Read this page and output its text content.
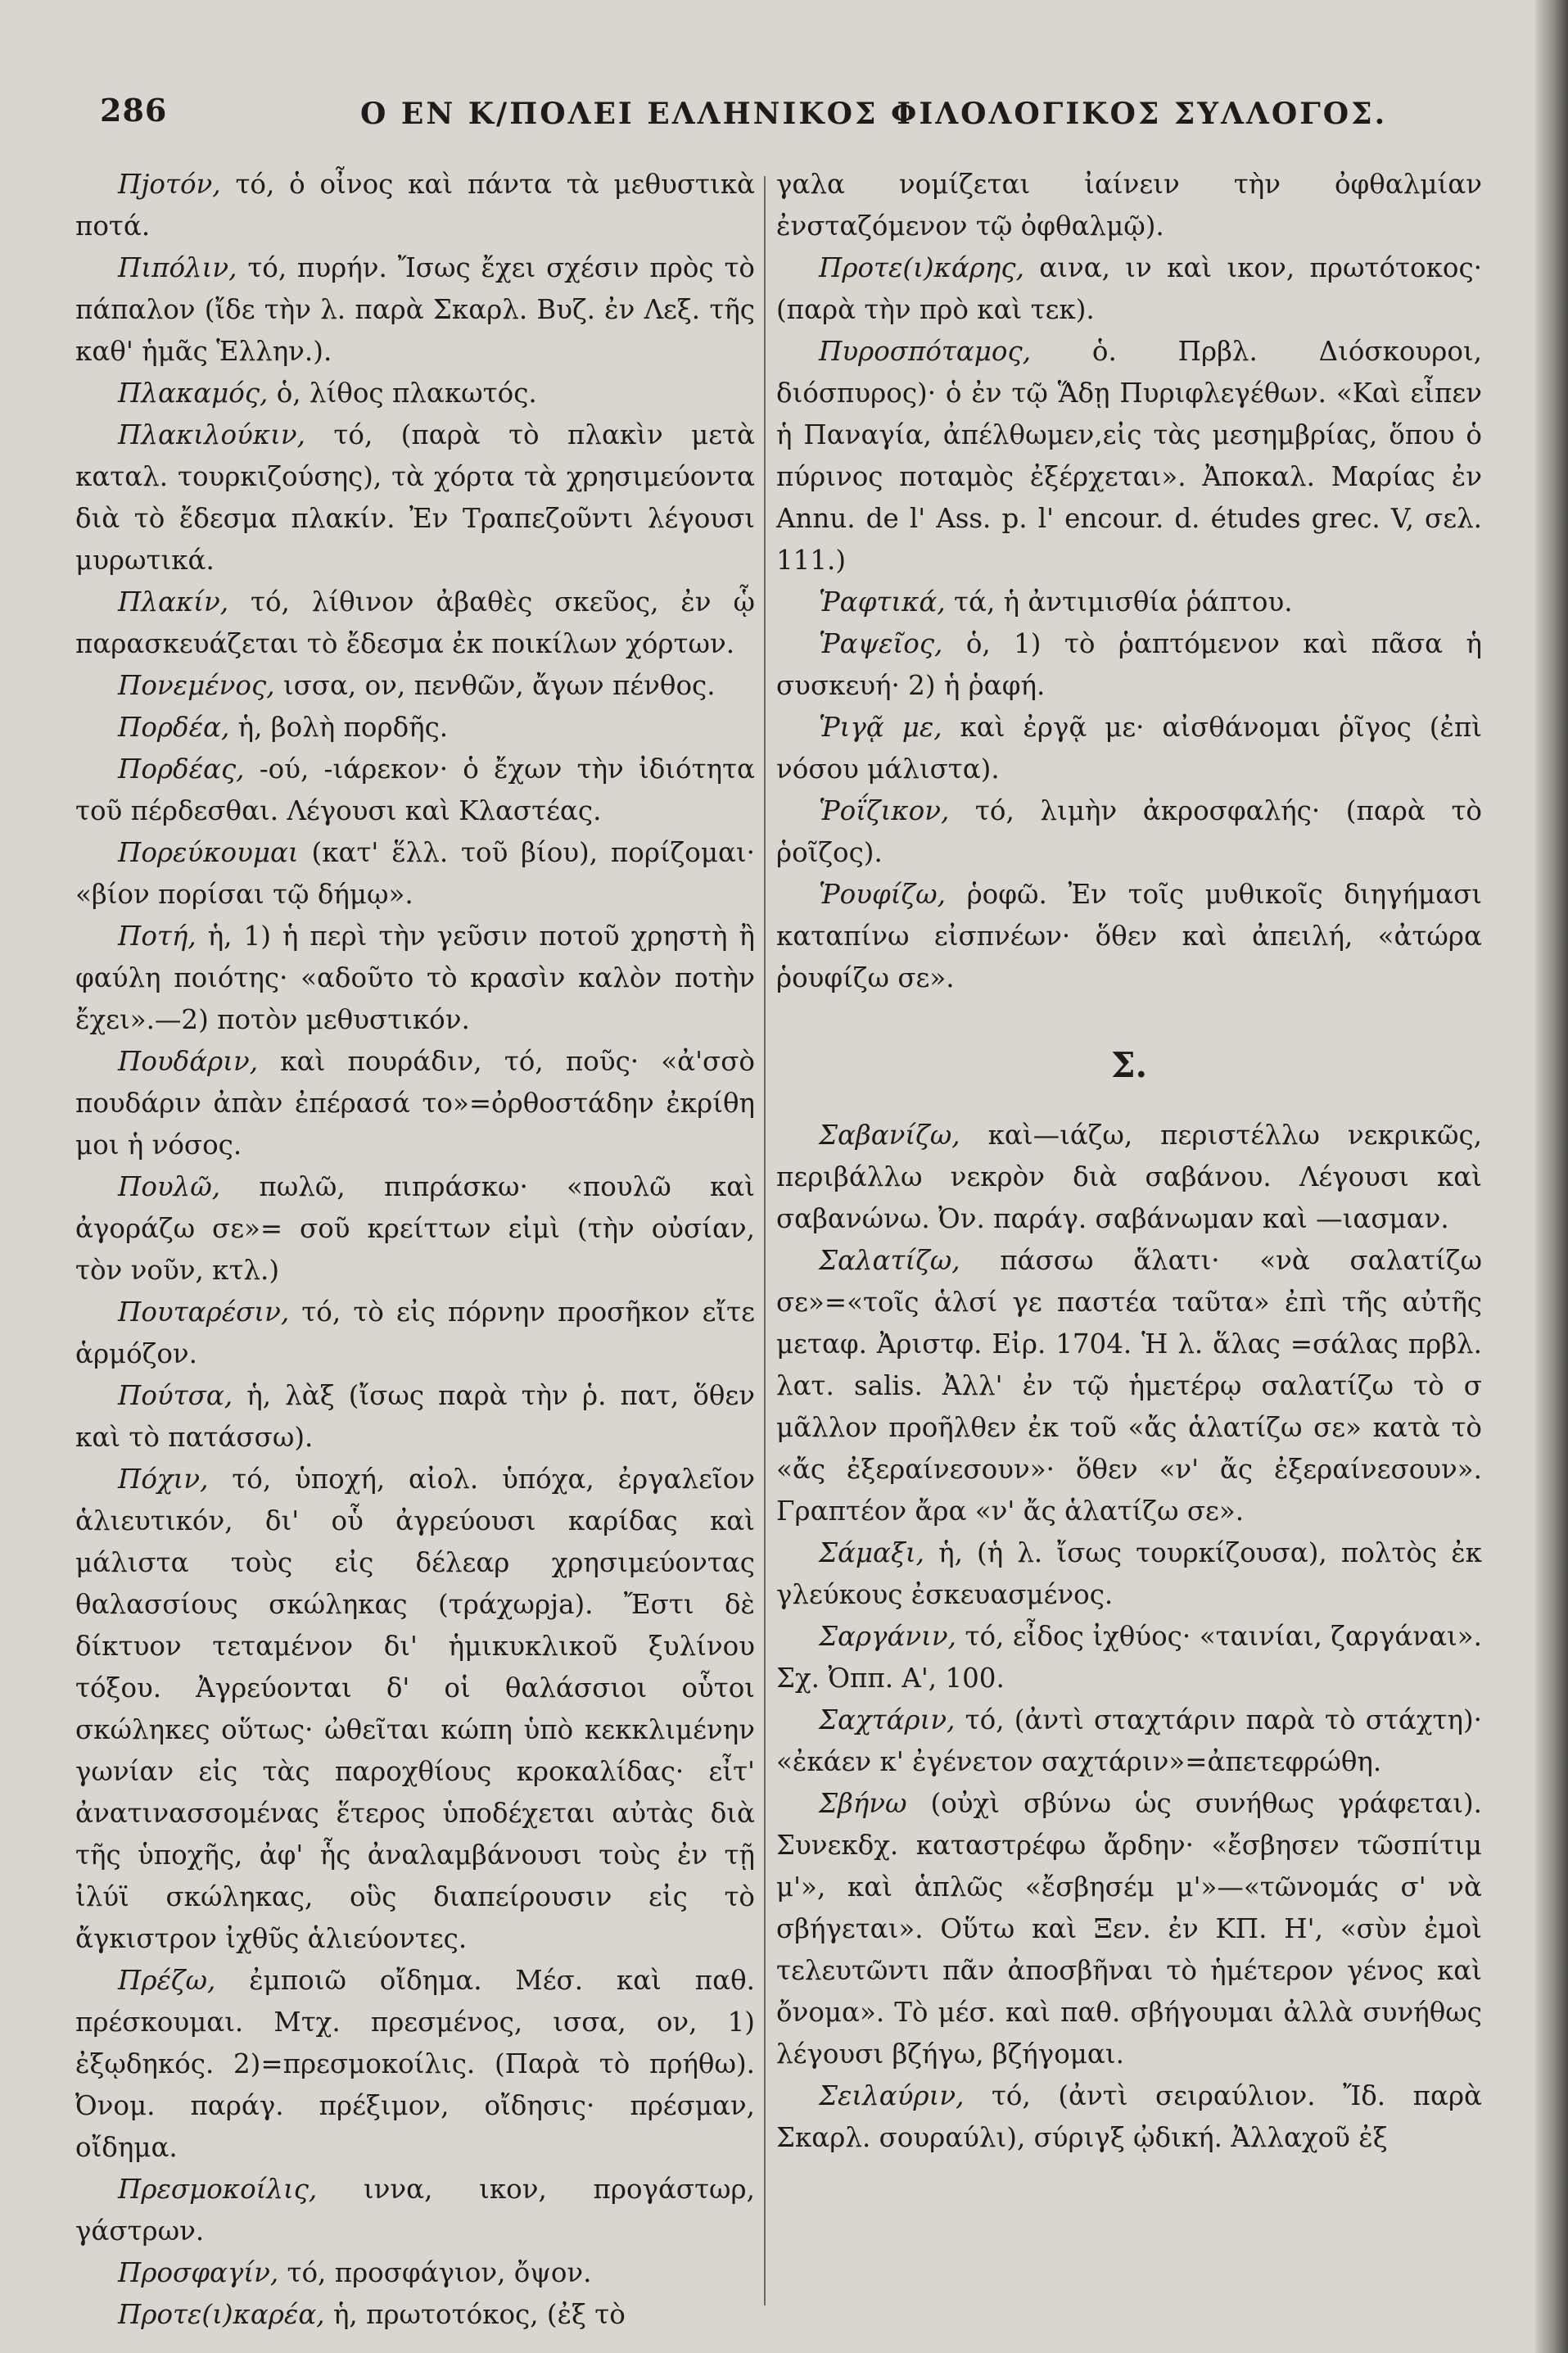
286	Ο ΕΝ Κ/ΠΟΛΕΙ ΕΛΛΗΝΙΚΟΣ ΦΙΛΟΛΟΓΙΚΟΣ ΣΥΛΛΟΓΟΣ.

Πjοτόν, τό, ὁ οἶνος καὶ πάντα τὰ μεθυστικὰ ποτά.

Πιπόλιν, τό, πυρήν. Ἴσως ἔχει σχέσιν πρὸς τὸ πάπαλον (ἴδε τὴν λ. παρὰ Σκαρλ. Βυζ. ἐν Λεξ. τῆς καθ' ἡμᾶς Ἑλλην.).

Πλακαμός, ὁ, λίθος πλακωτός.

Πλακιλούκιν, τό, (παρὰ τὸ πλακὶν μετὰ καταλ. τουρκιζούσης), τὰ χόρτα τὰ χρησιμεύοντα διὰ τὸ ἔδεσμα πλακίν. Ἐν Τραπεζοῦντι λέγουσι μυρωτικά.

Πλακίν, τό, λίθινον ἀβαθὲς σκεῦος, ἐν ᾧ παρασκευάζεται τὸ ἔδεσμα ἐκ ποικίλων χόρτων.

Πονεμένος, ισσα, ον, πενθῶν, ἄγων πένθος.

Πορδέα, ἡ, βολὴ πορδῆς.

Πορδέας, -ού, -ιάρεκον· ὁ ἔχων τὴν ἰδιότητα τοῦ πέρδεσθαι. Λέγουσι καὶ Κλαστέας.

Πορεύκουμαι (κατ' ἕλλ. τοῦ βίου), πορίζομαι· «βίον πορίσαι τῷ δήμῳ».

Ποτή, ἡ, 1) ἡ περὶ τὴν γεῦσιν ποτοῦ χρηστὴ ἢ φαύλη ποιότης· «αδοῦτο τὸ κρασὶν καλὸν ποτὴν ἔχει».—2) ποτὸν μεθυστικόν.

Πουδάριν, καὶ πουράδιν, τό, ποῦς· «ἀ'σσὸ πουδάριν ἀπὰν ἐπέρασά το»=ὀρθοστάδην ἐκρίθη μοι ἡ νόσος.

Πουλῶ, πωλῶ, πιπράσκω· «πουλῶ καὶ ἀγοράζω σε»= σοῦ κρείττων εἰμὶ (τὴν οὐσίαν, τὸν νοῦν, κτλ.)

Πουταρέσιν, τό, τὸ εἰς πόρνην προσῆκον εἴτε ἁρμόζον.

Πούτσα, ἡ, λὰξ (ἴσως παρὰ τὴν ῥ. πατ, ὅθεν καὶ τὸ πατάσσω).

Πόχιν, τό, ὑποχή, αἰολ. ὑπόχα, ἐργαλεῖον ἁλιευτικόν, δι' οὗ ἀγρεύουσι καρίδας καὶ μάλιστα τοὺς εἰς δέλεαρ χρησιμεύοντας θαλασσίους σκώληκας (τράχωρja). Ἔστι δὲ δίκτυον τεταμένον δι' ἡμικυκλικοῦ ξυλίνου τόξου. Ἀγρεύονται δ' οἱ θαλάσσιοι οὗτοι σκώληκες οὕτως· ὠθεῖται κώπη ὑπὸ κεκκλιμένην γωνίαν εἰς τὰς παροχθίους κροκαλίδας· εἶτ' ἀνατινασσομένας ἕτερος ὑποδέχεται αὐτὰς διὰ τῆς ὑποχῆς, ἀφ' ἧς ἀναλαμβάνουσι τοὺς ἐν τῇ ἰλύϊ σκώληκας, οὓς διαπείρουσιν εἰς τὸ ἄγκιστρον ἰχθῦς ἁλιεύοντες.

Πρέζω, ἐμποιῶ οἴδημα. Μέσ. καὶ παθ. πρέσκουμαι. Μτχ. πρεσμένος, ισσα, ον, 1) ἐξῳδηκός. 2)=πρεσμοκοίλις. (Παρὰ τὸ πρήθω). Ὀνομ. παράγ. πρέξιμον, οἴδησις· πρέσμαν, οἴδημα.

Πρεσμοκοίλις, ιννα, ικον, προγάστωρ, γάστρων.

Προσφαγίν, τό, προσφάγιον, ὄψον.

Προτε(ι)καρέα, ἡ, πρωτοτόκος, (ἐξ τὸ

γαλα νομίζεται ἰαίνειν τὴν ὀφθαλμίαν ἐνσταζόμενον τῷ ὀφθαλμῷ).

Προτε(ι)κάρης, αινα, ιν καὶ ικον, πρωτότοκος· (παρὰ τὴν πρὸ καὶ τεκ).

Πυροσπόταμος, ὁ. Πρβλ. Διόσκουροι, διόσπυρος)· ὁ ἐν τῷ Ἅδῃ Πυριφλεγέθων. «Καὶ εἶπεν ἡ Παναγία, ἀπέλθωμεν,εἰς τὰς μεσημβρίας, ὅπου ὁ πύρινος ποταμὸς ἐξέρχεται». Ἀποκαλ. Μαρίας ἐν Annu. de l' Ass. p. l' encour. d. études grec. V, σελ. 111.)

Ῥαφτικά, τά, ἡ ἀντιμισθία ῥάπτου.

Ῥαψεῖος, ὁ, 1) τὸ ῥαπτόμενον καὶ πᾶσα ἡ συσκευή· 2) ἡ ῥαφή.

Ῥιγᾷ με, καὶ ἐργᾷ με· αἰσθάνομαι ῥῖγος (ἐπὶ νόσου μάλιστα).

Ῥοΐζικον, τό, λιμὴν ἀκροσφαλής· (παρὰ τὸ ῥοῖζος).

Ῥουφίζω, ῥοφῶ. Ἐν τοῖς μυθικοῖς διηγήμασι καταπίνω εἰσπνέων· ὅθεν καὶ ἀπειλή, «ἀτώρα ῥουφίζω σε».

Σ.

Σαβανίζω, καὶ—ιάζω, περιστέλλω νεκρικῶς, περιβάλλω νεκρὸν διὰ σαβάνου. Λέγουσι καὶ σαβανώνω. Ὀν. παράγ. σαβάνωμαν καὶ —ιασμαν.

Σαλατίζω, πάσσω ἅλατι· «νὰ σαλατίζω σε»=«τοῖς ἁλσί γε παστέα ταῦτα» ἐπὶ τῆς αὐτῆς μεταφ. Ἀριστφ. Εἰρ. 1704. Ἡ λ. ἅλας =σάλας πρβλ. λατ. salis. Ἀλλ' ἐν τῷ ἡμετέρῳ σαλατίζω τὸ σ μᾶλλον προῆλθεν ἐκ τοῦ «ἄς ἁλατίζω σε» κατὰ τὸ «ἄς ἐξεραίνεσουν»· ὅθεν «ν' ἄς ἐξεραίνεσουν». Γραπτέον ἄρα «ν' ἄς ἁλατίζω σε».

Σάμαξι, ἡ, (ἡ λ. ἴσως τουρκίζουσα), πολτὸς ἐκ γλεύκους ἐσκευασμένος.

Σαργάνιν, τό, εἶδος ἰχθύος· «ταινίαι, ζαργάναι». Σχ. Ὀππ. Α', 100.

Σαχτάριν, τό, (ἀντὶ σταχτάριν παρὰ τὸ στάχτη)· «ἐκάεν κ' ἐγένετον σαχτάριν»=ἀπετεφρώθη.

Σβήνω (οὐχὶ σβύνω ὡς συνήθως γράφεται). Συνεκδχ. καταστρέφω ἄρδην· «ἔσβησεν τῶσπίτιμ μ'», καὶ ἁπλῶς «ἔσβησέμ μ'»—«τῶνομάς σ' νὰ σβήγεται». Οὕτω καὶ Ξεν. ἐν ΚΠ. Η', «σὺν ἐμοὶ τελευτῶντι πᾶν ἀποσβῆναι τὸ ἡμέτερον γένος καὶ ὄνομα». Τὸ μέσ. καὶ παθ. σβήγουμαι ἀλλὰ συνήθως λέγουσι βζήγω, βζήγομαι.

Σειλαύριν, τό, (ἀντὶ σειραύλιον. Ἴδ. παρὰ Σκαρλ. σουραύλι), σύριγξ ᾠδική. Ἀλλαχοῦ ἐξ
